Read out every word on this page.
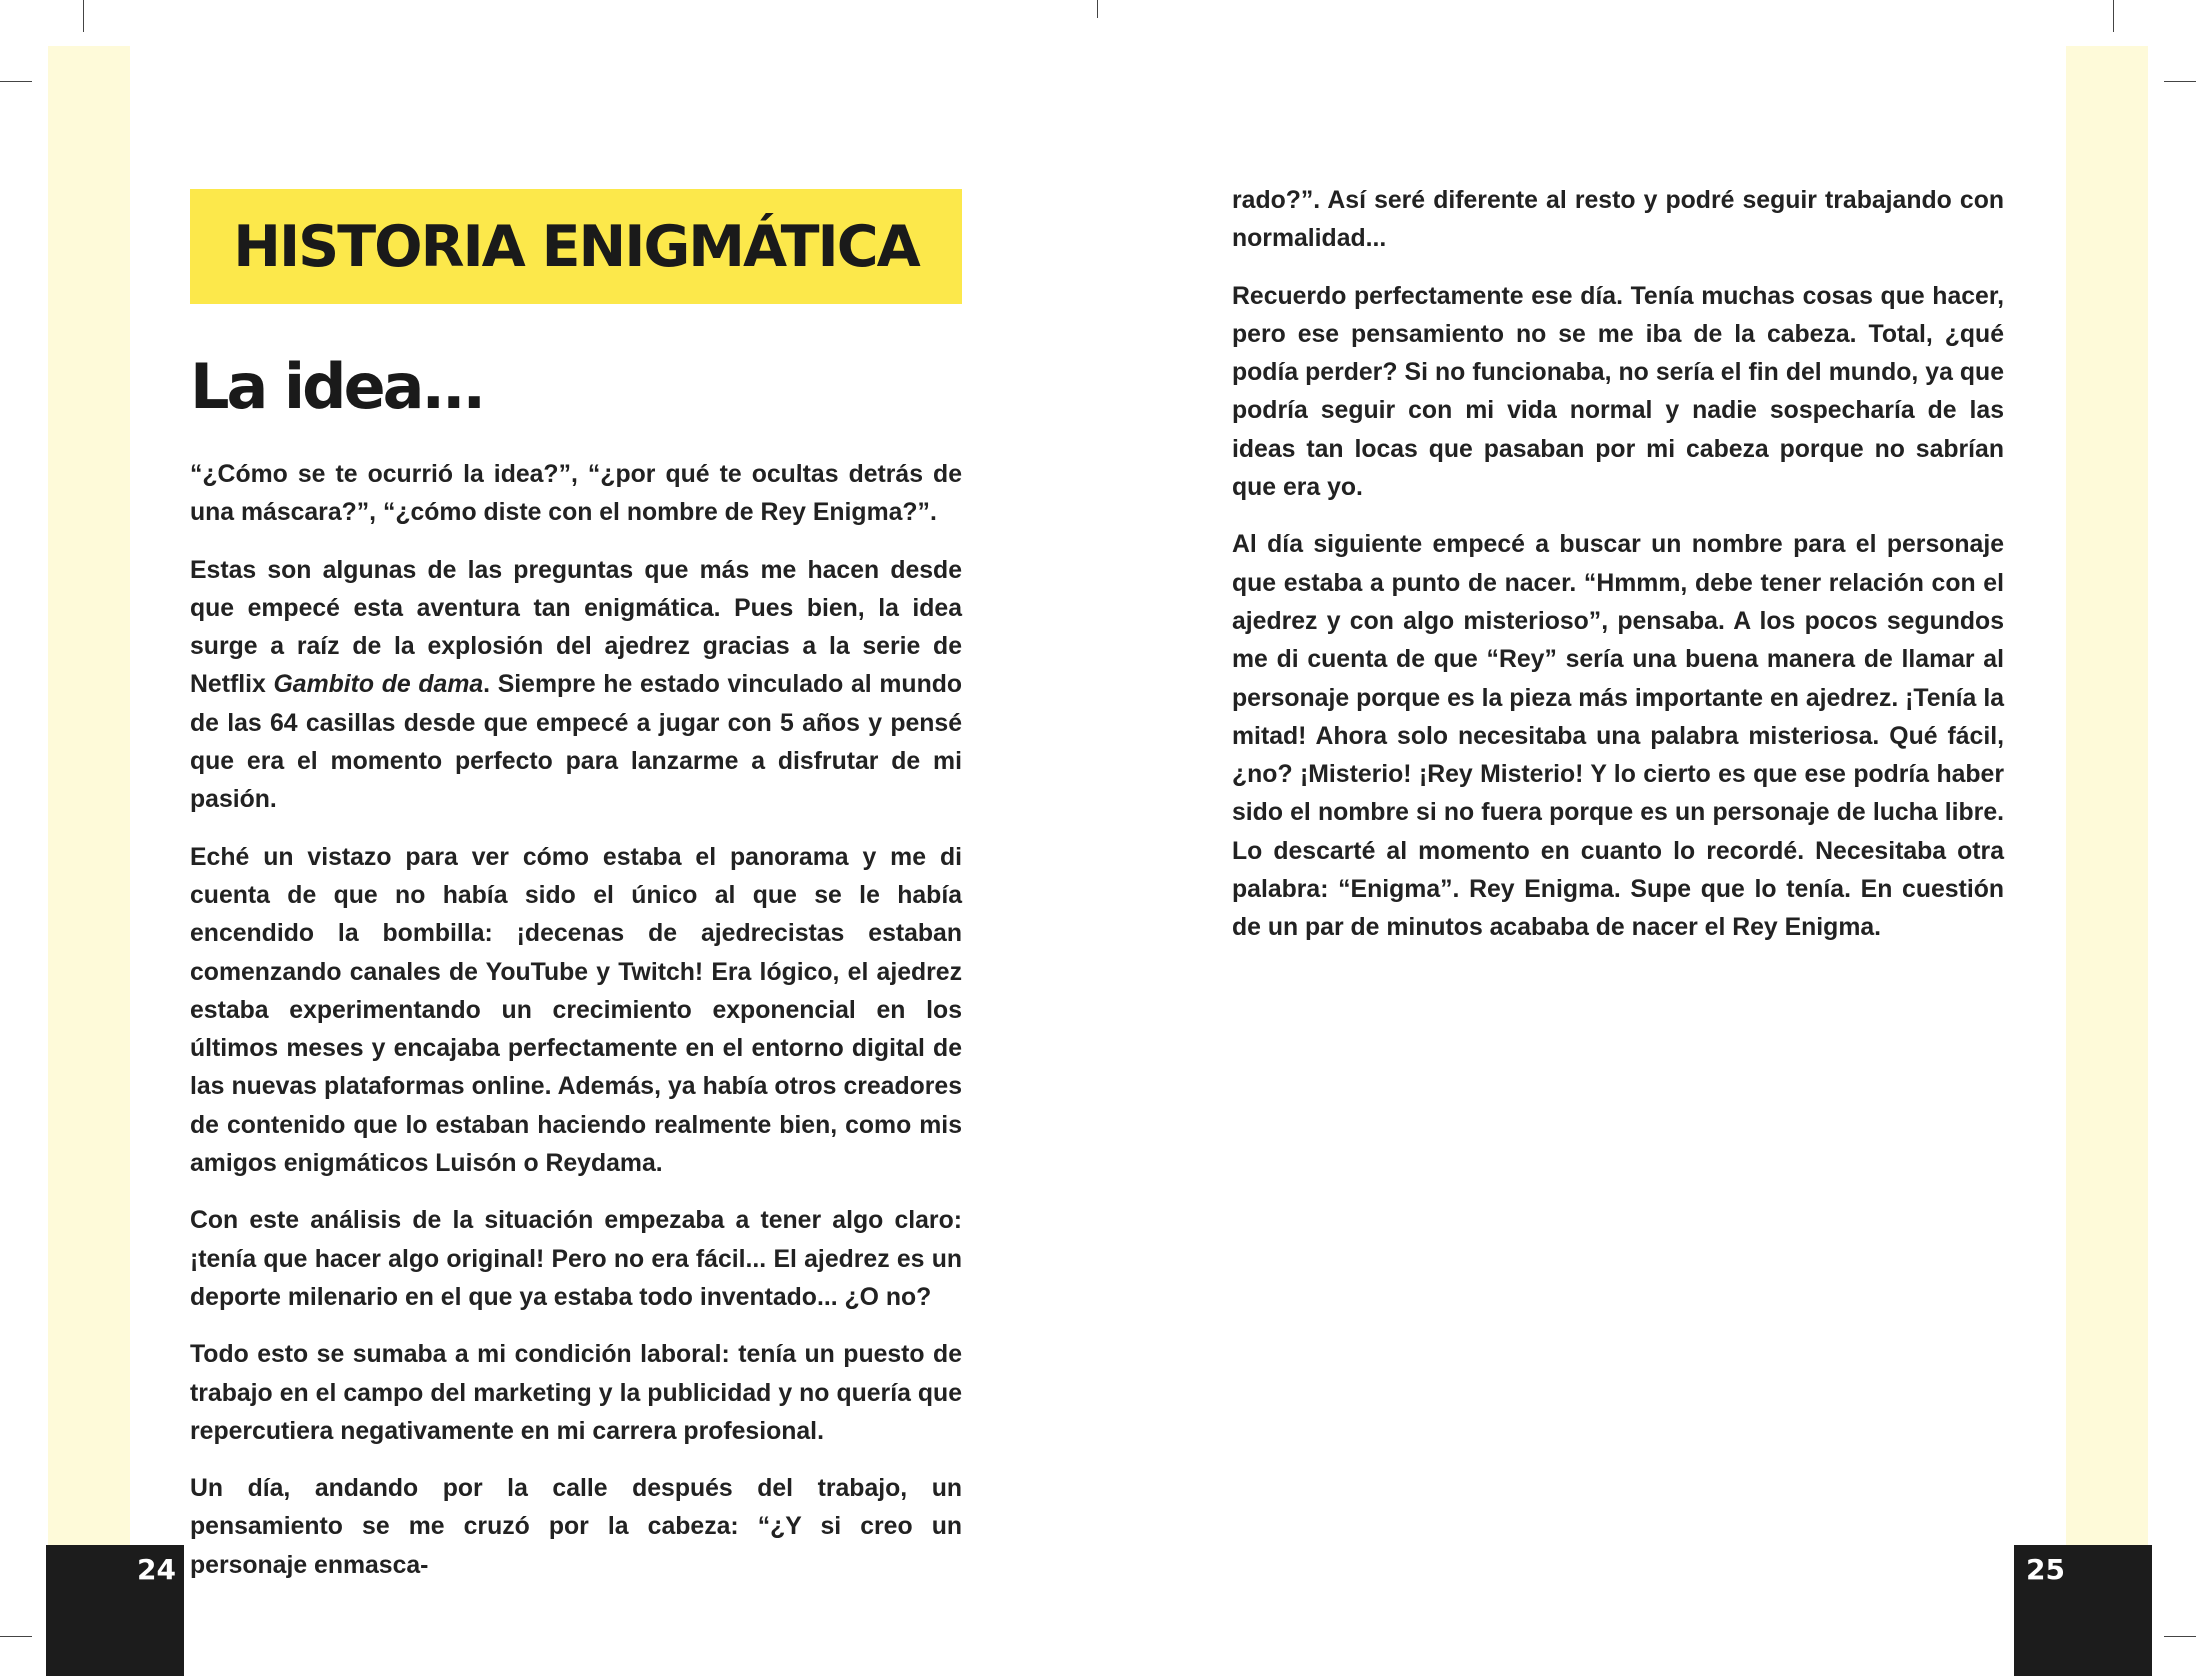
24	25
HISTORIA ENIGMÁTICA
La idea...

“¿Cómo se te ocurrió la idea?”, “¿por qué te ocultas detrás de una máscara?”, “¿cómo diste con el nombre de Rey Enigma?”.

Estas son algunas de las preguntas que más me hacen desde que empecé esta aventura tan enigmática. Pues bien, la idea surge a raíz de la explosión del ajedrez gracias a la serie de Netflix Gambito de dama. Siempre he estado vinculado al mundo de las 64 casillas desde que empecé a jugar con 5 años y pensé que era el momento perfecto para lanzarme a disfrutar de mi pasión.

Eché un vistazo para ver cómo estaba el panorama y me di cuenta de que no había sido el único al que se le había encendido la bombilla: ¡decenas de ajedrecistas estaban comenzando canales de YouTube y Twitch! Era lógico, el ajedrez estaba experimentando un crecimiento exponencial en los últimos meses y encajaba perfectamente en el entorno digital de las nuevas plataformas online. Además, ya había otros creadores de contenido que lo estaban haciendo realmente bien, como mis amigos enigmáticos Luisón o Reydama.

Con este análisis de la situación empezaba a tener algo claro: ¡tenía que hacer algo original! Pero no era fácil... El ajedrez es un deporte milenario en el que ya estaba todo inventado... ¿O no?

Todo esto se sumaba a mi condición laboral: tenía un puesto de trabajo en el campo del marketing y la publicidad y no quería que repercutiera negativamente en mi carrera profesional.

Un día, andando por la calle después del trabajo, un pensamiento se me cruzó por la cabeza: “¿Y si creo un personaje enmasca-

rado?”. Así seré diferente al resto y podré seguir trabajando con normalidad...

Recuerdo perfectamente ese día. Tenía muchas cosas que hacer, pero ese pensamiento no se me iba de la cabeza. Total, ¿qué podía perder? Si no funcionaba, no sería el fin del mundo, ya que podría seguir con mi vida normal y nadie sospecharía de las ideas tan locas que pasaban por mi cabeza porque no sabrían que era yo.

Al día siguiente empecé a buscar un nombre para el personaje que estaba a punto de nacer. “Hmmm, debe tener relación con el ajedrez y con algo misterioso”, pensaba. A los pocos segundos me di cuenta de que “Rey” sería una buena manera de llamar al personaje porque es la pieza más importante en ajedrez. ¡Tenía la mitad! Ahora solo necesitaba una palabra misteriosa. Qué fácil, ¿no? ¡Misterio! ¡Rey Misterio! Y lo cierto es que ese podría haber sido el nombre si no fuera porque es un personaje de lucha libre. Lo descarté al momento en cuanto lo recordé. Necesitaba otra palabra: “Enigma”. Rey Enigma. Supe que lo tenía. En cuestión de un par de minutos acababa de nacer el Rey Enigma.
